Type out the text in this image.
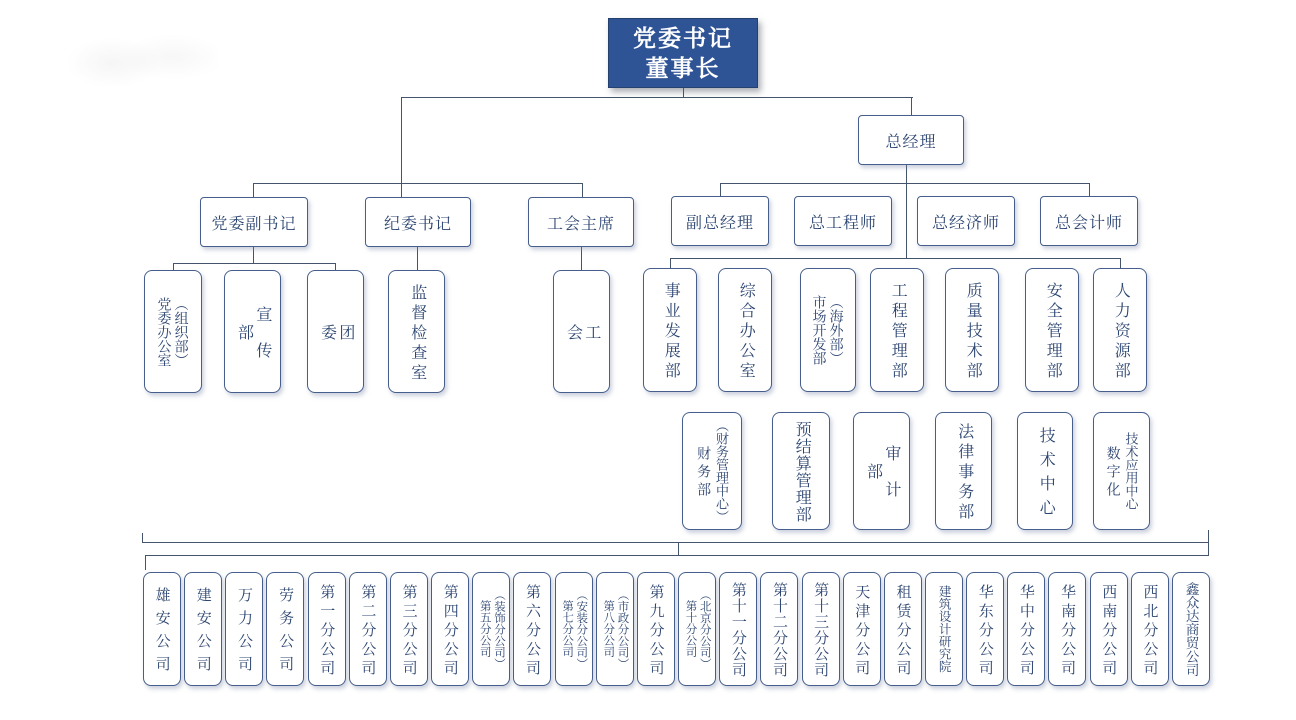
党委书记
董事长
总经理
党委副书记	纪委书记	工会主席	副总经理	总工程师	总经济师	总会计师
党委办公室 （组织部）	宣传部	团委	监督检查室	工会	事业发展部	综合办公室	市场开发部 （海外部）	工程管理部	质量技术部	安全管理部	人力资源部
财务部 （财务管理中心）	预结算管理部	审计部	法律事务部	技术中心	数字化 技术应用中心
雄安公司 建安公司 万力公司 劳务公司 第一分公司 第二分公司 第三分公司 第四分公司 第五分公司 （装饰分公司） 第六分公司 第七分公司 （安装分公司） 第八分公司 （市政分公司） 第九分公司 第十分公司 （北京分公司） 第十一分公司 第十二分公司 第十三分公司 天津分公司 租赁分公司 建筑设计研究院 华东分公司 华中分公司 华南分公司 西南分公司 西北分公司 鑫众达商贸公司
